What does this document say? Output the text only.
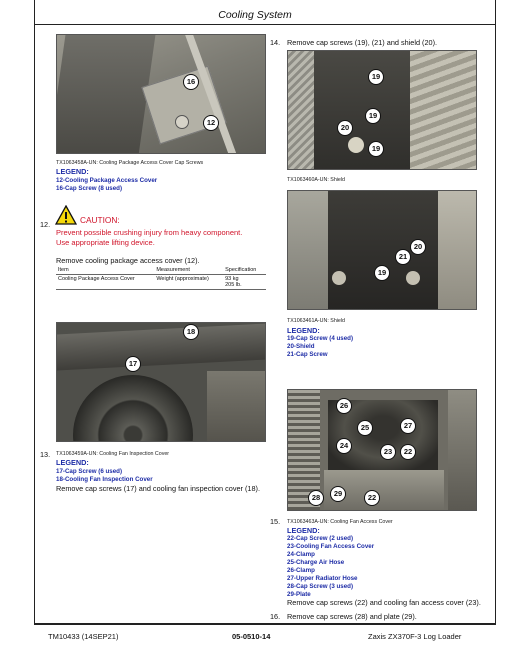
Cooling System
16
12
TX1063458A-UN: Cooling Package Access Cover Cap Screws
LEGEND:
12-Cooling Package Access Cover
16-Cap Screw (8 used)
12.	CAUTION:
Prevent possible crushing injury from heavy component.
Use appropriate lifting device.
Remove cooling package access cover (12).
Item	Measurement	Specification
Cooling Package Access Cover	Weight (approximate)	93 kg
205 lb.
18
17
13. TX1063459A-UN: Cooling Fan Inspection Cover
LEGEND:
17-Cap Screw (6 used)
18-Cooling Fan Inspection Cover
Remove cap screws (17) and cooling fan inspection cover (18).
14. Remove cap screws (19), (21) and shield (20).
19
19
20
19
TX1063460A-UN: Shield
20
21
19
TX1063461A-UN: Shield
LEGEND:
19-Cap Screw (4 used)
20-Shield
21-Cap Screw
26
25	27
24
23	22
28	29	22
15. TX1063463A-UN: Cooling Fan Access Cover
LEGEND:
22-Cap Screw (2 used)
23-Cooling Fan Access Cover
24-Clamp
25-Charge Air Hose
26-Clamp
27-Upper Radiator Hose
28-Cap Screw (3 used)
29-Plate
Remove cap screws (22) and cooling fan access cover (23).
16. Remove cap screws (28) and plate (29).
TM10433 (14SEP21)	05-0510-14	Zaxis ZX370F-3 Log Loader
